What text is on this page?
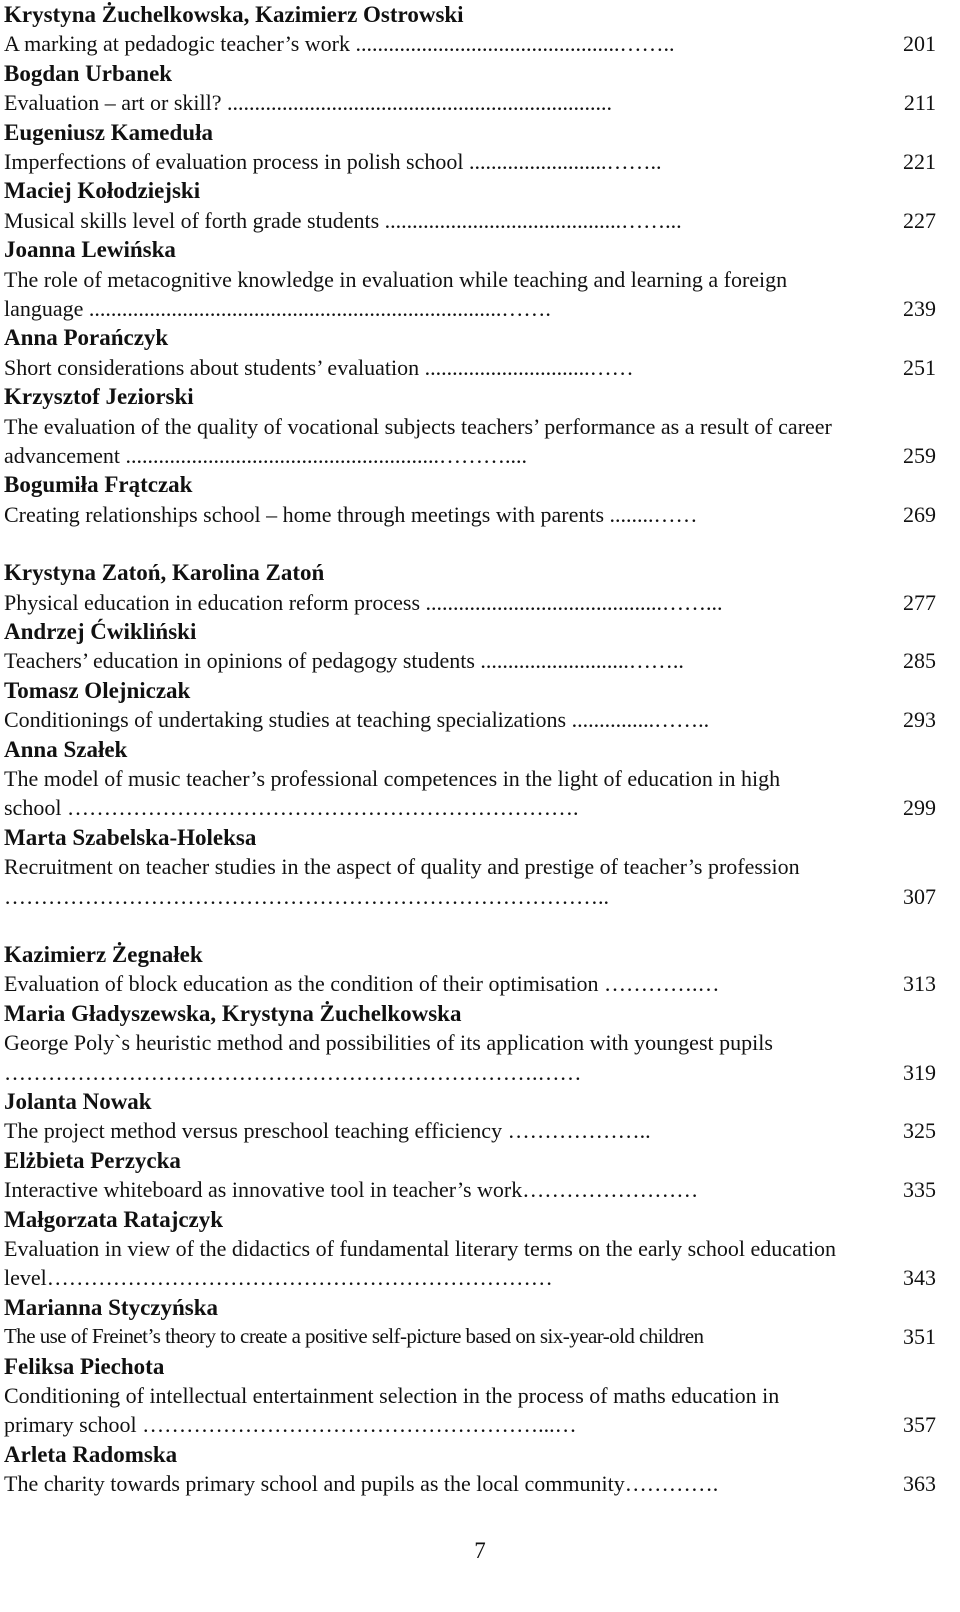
Krystyna Żuchelkowska, Kazimierz Ostrowski
A marking at pedadogic teacher’s work ................................................……..	201
Bogdan Urbanek
Evaluation – art or skill? ......................................................................	211
Eugeniusz Kameduła
Imperfections of evaluation process in polish school .........................……..	221
Maciej Kołodziejski
Musical skills level of forth grade students ...........................................……...	227
Joanna Lewińska
The role of metacognitive knowledge in evaluation while teaching and learning a foreign language ...........................................................................…….	239
Anna Porańczyk
Short considerations about students’ evaluation ..............................……	251
Krzysztof Jeziorski
The evaluation of the quality of vocational subjects teachers’ performance as a result of career advancement .........................................................………....	259
Bogumiła Frątczak
Creating relationships school – home through meetings with parents ........……	269
Krystyna Zatoń, Karolina Zatoń
Physical education in education reform process ...........................................……...	277
Andrzej Ćwikliński
Teachers’ education in opinions of pedagogy students ...........................……..	285
Tomasz Olejniczak
Conditionings of undertaking studies at teaching specializations ...............……..	293
Anna Szałek
The model of music teacher’s professional competences in the light of education in high school …………………………………………………………….	299
Marta Szabelska-Holeksa
Recruitment on teacher studies in the aspect of quality and prestige of teacher’s profession ………………………………………………………………………..	307
Kazimierz Żegnałek
Evaluation of block education as the condition of their optimisation ………….…	313
Maria Gładyszewska, Krystyna Żuchelkowska
George Poly`s heuristic method and possibilities of its application with youngest pupils ……………………………………………………………….……	319
Jolanta Nowak
The project method versus preschool teaching efficiency ………………..	325
Elżbieta Perzycka
Interactive whiteboard as innovative tool in teacher’s work……………………	335
Małgorzata Ratajczyk
Evaluation in view of the didactics of fundamental literary terms on the early school education level……………………………………………………………	343
Marianna Styczyńska
The use of Freinet’s theory to create a positive self-picture based on six-year-old children	351
Feliksa Piechota
Conditioning of intellectual entertainment selection in the process of maths education in primary school ………………………………………………...…	357
Arleta Radomska
The charity towards primary school and pupils as the local community………….	363
7
